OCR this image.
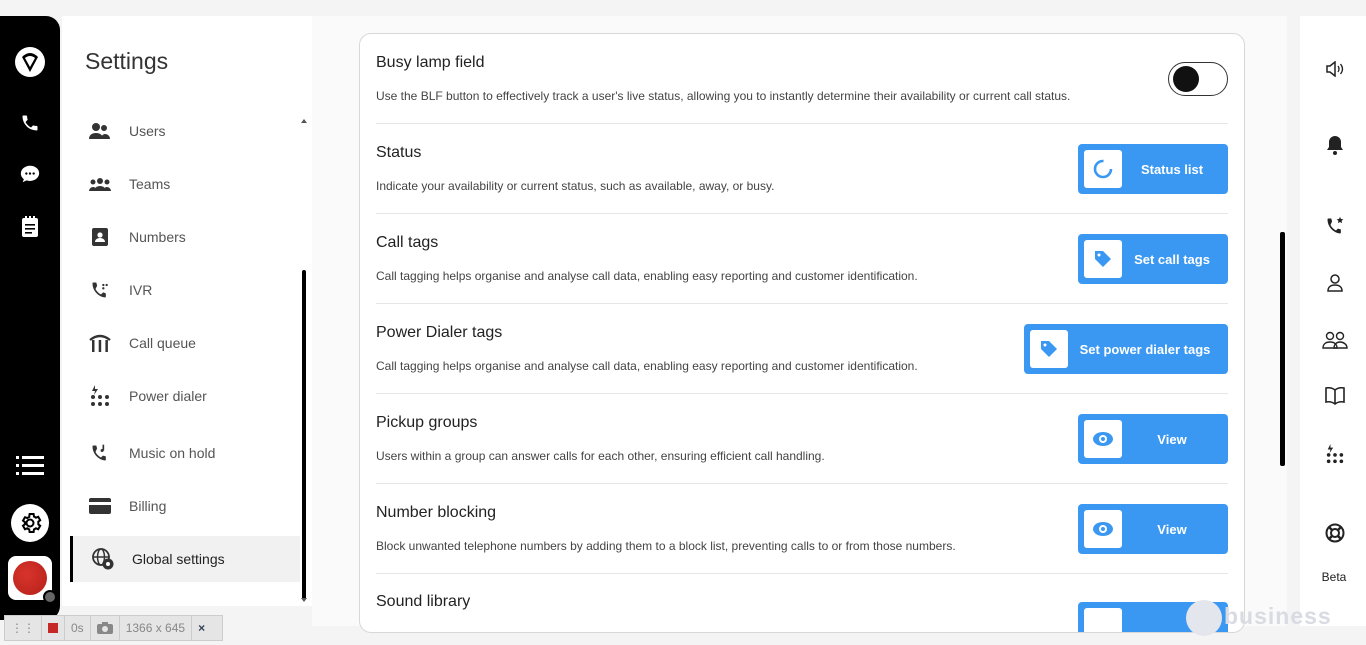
Settings
Users
Teams
Numbers
IVR
Call queue
Power dialer
Music on hold
Billing
Global settings
Busy lamp field
Use the BLF button to effectively track a user's live status, allowing you to instantly determine their availability or current call status.
Status
Indicate your availability or current status, such as available, away, or busy.
Status list
Call tags
Call tagging helps organise and analyse call data, enabling easy reporting and customer identification.
Set call tags
Power Dialer tags
Call tagging helps organise and analyse call data, enabling easy reporting and customer identification.
Set power dialer tags
Pickup groups
Users within a group can answer calls for each other, ensuring efficient call handling.
View
Number blocking
Block unwanted telephone numbers by adding them to a block list, preventing calls to or from those numbers.
View
Sound library
Beta
⋮⋮	0s	1366 x 645	×	business
